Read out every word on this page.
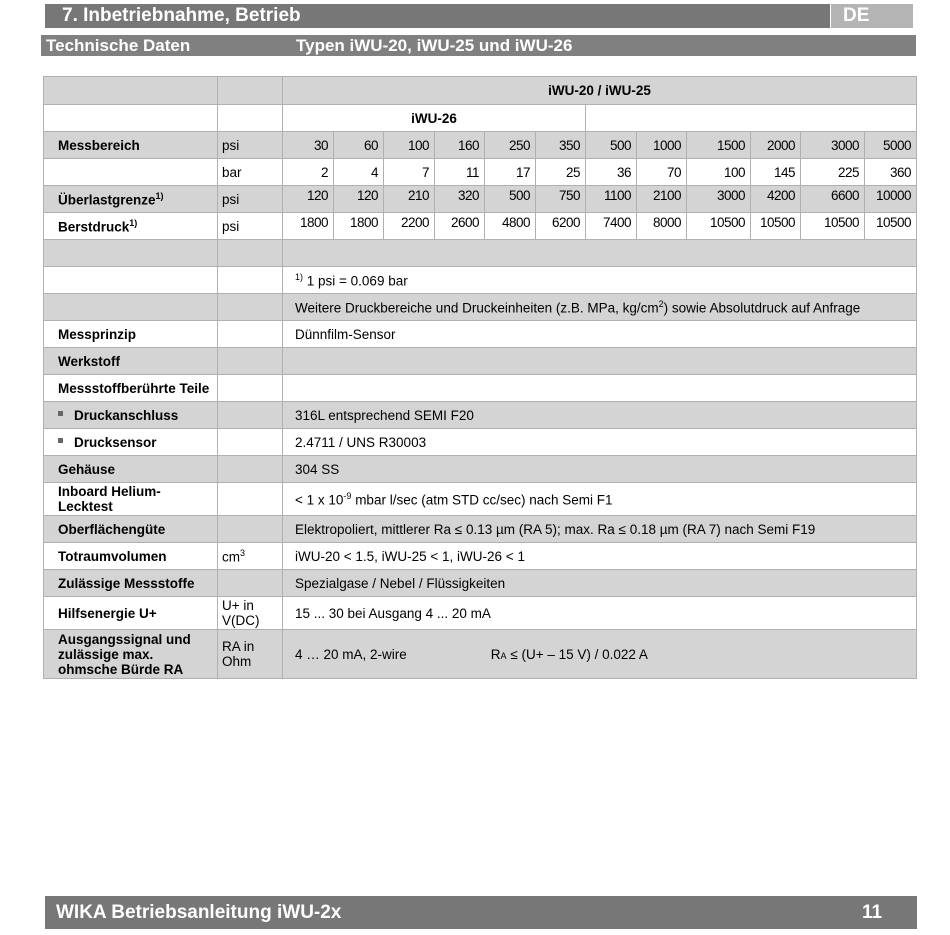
7. Inbetriebnahme, Betrieb	DE
Technische Daten	Typen iWU-20, iWU-25 und iWU-26
		iWU-20 / iWU-25											
		iWU-26											
Messbereich	psi	30	60	100	160	250	350	500	1000	1500	2000	3000	5000
	bar	2	4	7	11	17	25	36	70	100	145	225	360
Überlastgrenze$^{1)}$	psi	120	120	210	320	500	750	1100	2100	3000	4200	6600	10000
Berstdruck$^{1)}$	psi	1800	1800	2200	2600	4800	6200	7400	8000	10500	10500	10500	10500

		$^{1)}$ 1 psi = 0.069 bar											
		Weitere Druckbereiche und Druckeinheiten (z.B. MPa, $kg/cm^2$) sowie Absolutdruck auf Anfrage											
Messprinzip		Dünnfilm-Sensor											
Werkstoff													
Messstoffberührte Teile													
Druckanschluss		316L entsprechend SEMI F20											
Drucksensor		2.4711 / UNS R30003											
Gehäuse		304 SS											
Inboard Helium-Lecktest		< 1 x $10^{-9}$ mbar l/sec (atm STD cc/sec) nach Semi F1											
Oberflächengüte		Elektropoliert, mittlerer Ra ≤ 0.13 µm (RA 5); max. Ra ≤ 0.18 µm (RA 7) nach Semi F19											
Totraumvolumen	$cm^3$	iWU-20 < 1.5, iWU-25 < 1, iWU-26 < 1											
Zulässige Messstoffe		Spezialgase / Nebel / Flüssigkeiten											
Hilfsenergie U+	U+ in V(DC)	15 ... 30 bei Ausgang 4 ... 20 mA											
Ausgangssignal und zulässige max. ohmsche Bürde RA	RA in Ohm	4 … 20 mA, 2-wire RA ≤ (U+ – 15 V) / 0.022 A											
WIKA Betriebsanleitung iWU-2x	11
